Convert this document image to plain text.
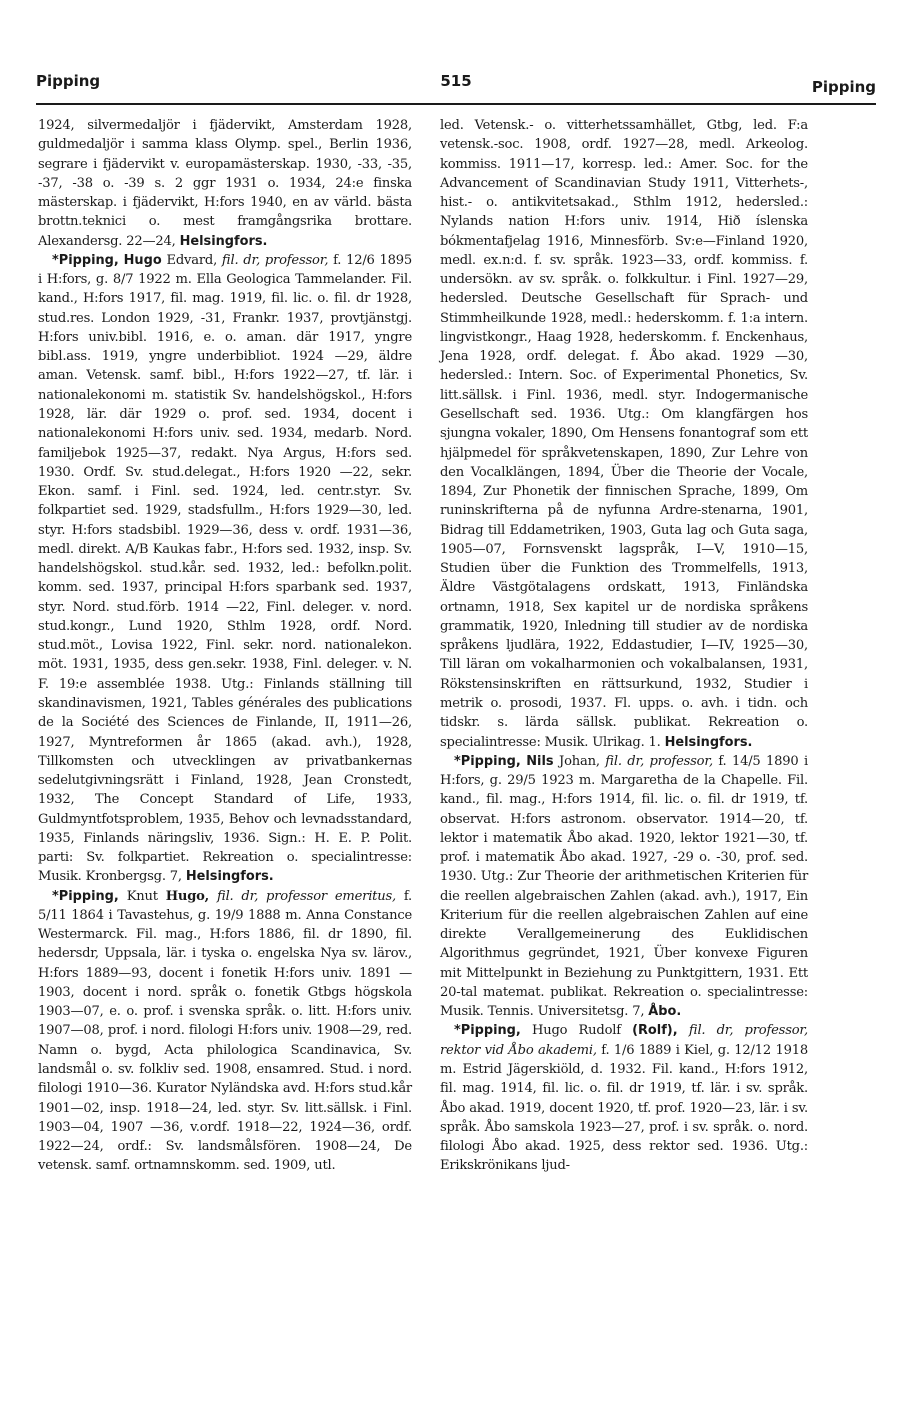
Pipping	515	Pipping

1924, silvermedaljör i fjädervikt, Amsterdam 1928, guldmedaljör i samma klass Olymp. spel., Berlin 1936, segrare i fjädervikt v. europamästerskap. 1930, -33, -35, -37, -38 o. -39 s. 2 ggr 1931 o. 1934, 24:e finska mästerskap. i fjädervikt, H:fors 1940, en av värld. bästa brottn.teknici o. mest framgångsrika brottare. Alexandersg. 22—24, Helsingfors.

*Pipping, Hugo Edvard, fil. dr, professor, f. 12/6 1895 i H:fors, g. 8/7 1922 m. Ella Geologica Tammelander. Fil. kand., H:fors 1917, fil. mag. 1919, fil. lic. o. fil. dr 1928, stud.res. London 1929, -31, Frankr. 1937, provtjänstgj. H:fors univ.bibl. 1916, e. o. aman. där 1917, yngre bibl.ass. 1919, yngre underbibliot. 1924 —29, äldre aman. Vetensk. samf. bibl., H:fors 1922—27, tf. lär. i nationalekonomi m. statistik Sv. handelshögskol., H:fors 1928, lär. där 1929 o. prof. sed. 1934, docent i nationalekonomi H:fors univ. sed. 1934, medarb. Nord. familjebok 1925—37, redakt. Nya Argus, H:fors sed. 1930. Ordf. Sv. stud.delegat., H:fors 1920 —22, sekr. Ekon. samf. i Finl. sed. 1924, led. centr.styr. Sv. folkpartiet sed. 1929, stadsfullm., H:fors 1929—30, led. styr. H:fors stadsbibl. 1929—36, dess v. ordf. 1931—36, medl. direkt. A/B Kaukas fabr., H:fors sed. 1932, insp. Sv. handelshögskol. stud.kår. sed. 1932, led.: befolkn.polit. komm. sed. 1937, principal H:fors sparbank sed. 1937, styr. Nord. stud.förb. 1914 —22, Finl. deleger. v. nord. stud.kongr., Lund 1920, Sthlm 1928, ordf. Nord. stud.möt., Lovisa 1922, Finl. sekr. nord. nationalekon. möt. 1931, 1935, dess gen.sekr. 1938, Finl. deleger. v. N. F. 19:e assemblée 1938. Utg.: Finlands ställning till skandinavismen, 1921, Tables générales des publications de la Société des Sciences de Finlande, II, 1911—26, 1927, Myntreformen år 1865 (akad. avh.), 1928, Tillkomsten och utvecklingen av privatbankernas sedelutgivningsrätt i Finland, 1928, Jean Cronstedt, 1932, The Concept Standard of Life, 1933, Guldmyntfotsproblem, 1935, Behov och levnadsstandard, 1935, Finlands näringsliv, 1936. Sign.: H. E. P. Polit. parti: Sv. folkpartiet. Rekreation o. specialintresse: Musik. Kronbergsg. 7, Helsingfors.

*Pipping, Knut Hugo, fil. dr, professor emeritus, f. 5/11 1864 i Tavastehus, g. 19/9 1888 m. Anna Constance Westermarck. Fil. mag., H:fors 1886, fil. dr 1890, fil. hedersdr, Uppsala, lär. i tyska o. engelska Nya sv. lärov., H:fors 1889—93, docent i fonetik H:fors univ. 1891 —1903, docent i nord. språk o. fonetik Gtbgs högskola 1903—07, e. o. prof. i svenska språk. o. litt. H:fors univ. 1907—08, prof. i nord. filologi H:fors univ. 1908—29, red. Namn o. bygd, Acta philologica Scandinavica, Sv. landsmål o. sv. folkliv sed. 1908, ensamred. Stud. i nord. filologi 1910—36. Kurator Nyländska avd. H:fors stud.kår 1901—02, insp. 1918—24, led. styr. Sv. litt.sällsk. i Finl. 1903—04, 1907 —36, v.ordf. 1918—22, 1924—36, ordf. 1922—24, ordf.: Sv. landsmålsfören. 1908—24, De vetensk. samf. ortnamnskomm. sed. 1909, utl.

led. Vetensk.- o. vitterhetssamhället, Gtbg, led. F:a vetensk.-soc. 1908, ordf. 1927—28, medl. Arkeolog. kommiss. 1911—17, korresp. led.: Amer. Soc. for the Advancement of Scandinavian Study 1911, Vitterhets-, hist.- o. antikvitetsakad., Sthlm 1912, hedersled.: Nylands nation H:fors univ. 1914, Hið íslenska bókmentafjelag 1916, Minnesförb. Sv:e—Finland 1920, medl. ex.n:d. f. sv. språk. 1923—33, ordf. kommiss. f. undersökn. av sv. språk. o. folkkultur. i Finl. 1927—29, hedersled. Deutsche Gesellschaft für Sprach- und Stimmheilkunde 1928, medl.: hederskomm. f. 1:a intern. lingvistkongr., Haag 1928, hederskomm. f. Enckenhaus, Jena 1928, ordf. delegat. f. Åbo akad. 1929 —30, hedersled.: Intern. Soc. of Experimental Phonetics, Sv. litt.sällsk. i Finl. 1936, medl. styr. Indogermanische Gesellschaft sed. 1936. Utg.: Om klangfärgen hos sjungna vokaler, 1890, Om Hensens fonantograf som ett hjälpmedel för språkvetenskapen, 1890, Zur Lehre von den Vocalklängen, 1894, Über die Theorie der Vocale, 1894, Zur Phonetik der finnischen Sprache, 1899, Om runinskrifterna på de nyfunna Ardre-stenarna, 1901, Bidrag till Eddametriken, 1903, Guta lag och Guta saga, 1905—07, Fornsvenskt lagspråk, I—V, 1910—15, Studien über die Funktion des Trommelfells, 1913, Äldre Västgötalagens ordskatt, 1913, Finländska ortnamn, 1918, Sex kapitel ur de nordiska språkens grammatik, 1920, Inledning till studier av de nordiska språkens ljudlära, 1922, Eddastudier, I—IV, 1925—30, Till läran om vokalharmonien och vokalbalansen, 1931, Rökstensinskriften en rättsurkund, 1932, Studier i metrik o. prosodi, 1937. Fl. upps. o. avh. i tidn. och tidskr. s. lärda sällsk. publikat. Rekreation o. specialintresse: Musik. Ulrikag. 1. Helsingfors.

*Pipping, Nils Johan, fil. dr, professor, f. 14/5 1890 i H:fors, g. 29/5 1923 m. Margaretha de la Chapelle. Fil. kand., fil. mag., H:fors 1914, fil. lic. o. fil. dr 1919, tf. observat. H:fors astronom. observator. 1914—20, tf. lektor i matematik Åbo akad. 1920, lektor 1921—30, tf. prof. i matematik Åbo akad. 1927, -29 o. -30, prof. sed. 1930. Utg.: Zur Theorie der arithmetischen Kriterien für die reellen algebraischen Zahlen (akad. avh.), 1917, Ein Kriterium für die reellen algebraischen Zahlen auf eine direkte Verallgemeinerung des Euklidischen Algorithmus gegründet, 1921, Über konvexe Figuren mit Mittelpunkt in Beziehung zu Punktgittern, 1931. Ett 20-tal matemat. publikat. Rekreation o. specialintresse: Musik. Tennis. Universitetsg. 7, Åbo.

*Pipping, Hugo Rudolf (Rolf), fil. dr, professor, rektor vid Åbo akademi, f. 1/6 1889 i Kiel, g. 12/12 1918 m. Estrid Jägerskiöld, d. 1932. Fil. kand., H:fors 1912, fil. mag. 1914, fil. lic. o. fil. dr 1919, tf. lär. i sv. språk. Åbo akad. 1919, docent 1920, tf. prof. 1920—23, lär. i sv. språk. Åbo samskola 1923—27, prof. i sv. språk. o. nord. filologi Åbo akad. 1925, dess rektor sed. 1936. Utg.: Erikskrönikans ljud-
